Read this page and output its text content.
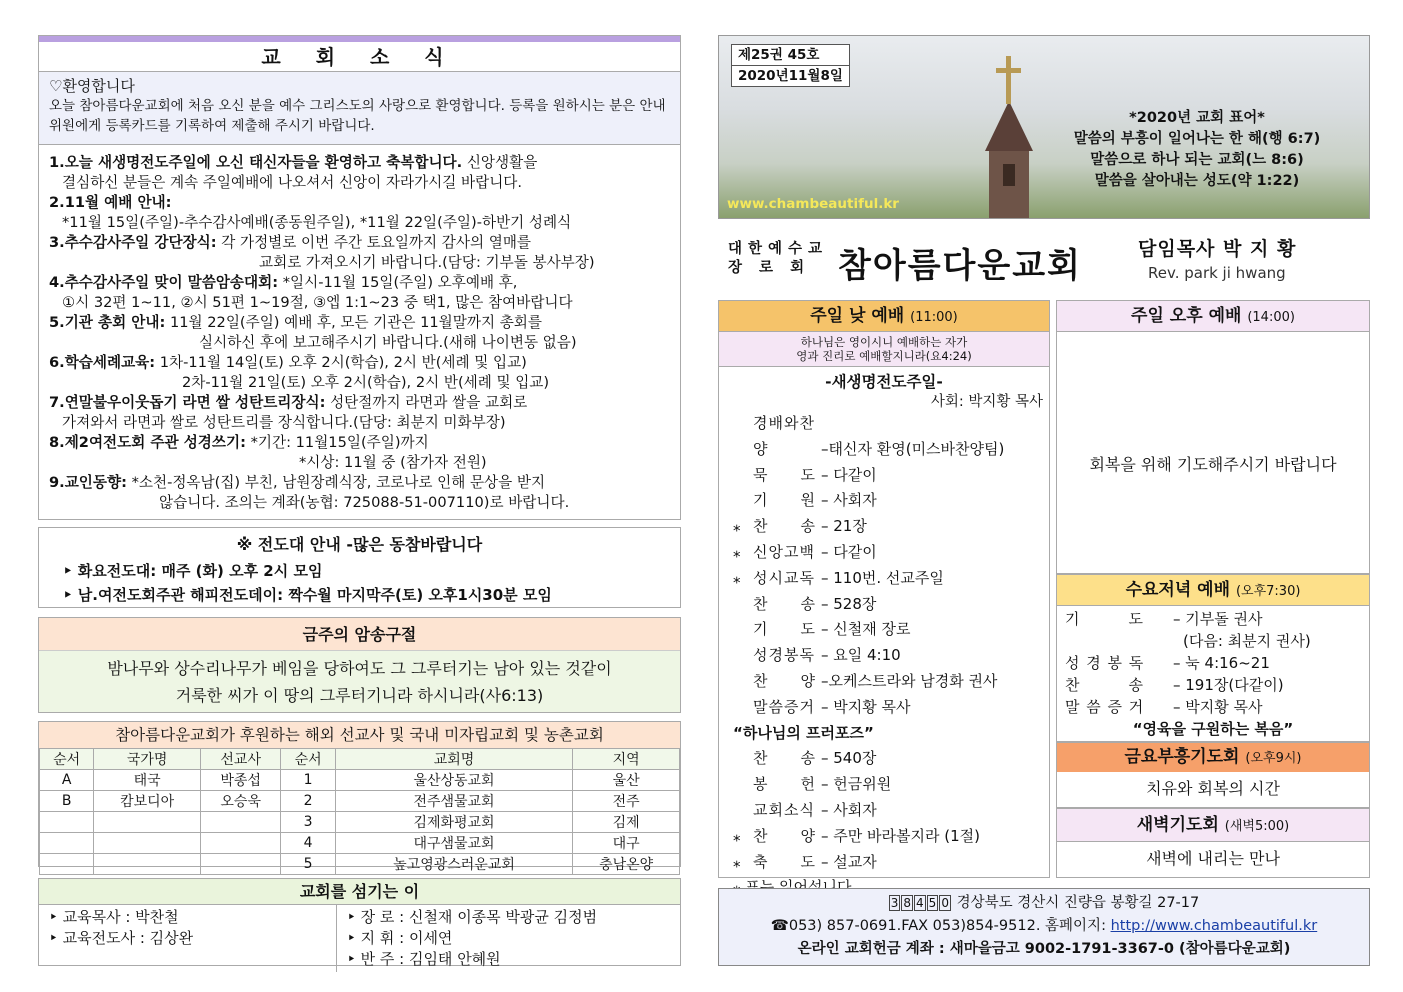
교 회 소 식
♡환영합니다
오늘 참아름다운교회에 처음 오신 분을 예수 그리스도의 사랑으로 환영합니다. 등록을 원하시는 분은 안내위원에게 등록카드를 기록하여 제출해 주시기 바랍니다.
1.오늘 새생명전도주일에 오신 태신자들을 환영하고 축복합니다. 신앙생활을
결심하신 분들은 계속 주일예배에 나오셔서 신앙이 자라가시길 바랍니다.
2.11월 예배 안내:
*11월 15일(주일)-추수감사예배(종동원주일), *11월 22일(주일)-하반기 성례식
3.추수감사주일 강단장식: 각 가정별로 이번 주간 토요일까지 감사의 열매를
교회로 가져오시기 바랍니다.(담당: 기부돌 봉사부장)
4.추수감사주일 맞이 말씀암송대회: *일시-11월 15일(주일) 오후예배 후,
①시 32편 1~11, ②시 51편 1~19절, ③엡 1:1~23 중 택1, 많은 참여바랍니다
5.기관 총회 안내: 11월 22일(주일) 예배 후, 모든 기관은 11월말까지 총회를
실시하신 후에 보고해주시기 바랍니다.(새해 나이변동 없음)
6.학습세례교육: 1차-11월 14일(토) 오후 2시(학습), 2시 반(세례 및 입교)
2차-11월 21일(토) 오후 2시(학습), 2시 반(세례 및 입교)
7.연말불우이웃돕기 라면 쌀 성탄트리장식: 성탄절까지 라면과 쌀을 교회로
가져와서 라면과 쌀로 성탄트리를 장식합니다.(담당: 최분지 미화부장)
8.제2여전도회 주관 성경쓰기: *기간: 11월15일(주일)까지
*시상: 11월 중 (참가자 전원)
9.교인동향: *소천-정옥남(집) 부친, 남원장례식장, 코로나로 인해 문상을 받지
않습니다. 조의는 계좌(농협: 725088-51-007110)로 바랍니다.
※ 전도대 안내 -많은 동참바랍니다
‣ 화요전도대: 매주 (화) 오후 2시 모임
‣ 남.여전도회주관 해피전도데이: 짝수월 마지막주(토) 오후1시30분 모임
금주의 암송구절
밤나무와 상수리나무가 베임을 당하여도 그 그루터기는 남아 있는 것같이
거룩한 씨가 이 땅의 그루터기니라 하시니라(사6:13)
참아름다운교회가 후원하는 해외 선교사 및 국내 미자립교회 및 농촌교회
순서	국가명	선교사	순서	교회명	지역
A	태국	박종섭	1	울산상동교회	울산
B	캄보디아	오승욱	2	전주샘물교회	전주
			3	김제화평교회	김제
			4	대구샘물교회	대구
			5	높고영광스러운교회	충남온양
교회를 섬기는 이
‣ 교육목사 : 박찬철
‣ 교육전도사 : 김상완
‣ 장 로 : 신철재 이종목 박광균 김정범
‣ 지 휘 : 이세연
‣ 반 주 : 김임태 안혜원
제25권 45호
2020년11월8일
*2020년 교회 표어*
말씀의 부흥이 일어나는 한 해(행 6:7)
말씀으로 하나 되는 교회(느 8:6)
말씀을 살아내는 성도(약 1:22)
www.chambeautiful.kr
대한예수교
장 로 회 참아름다운교회	담임목사 박 지 황
Rev. park ji hwang
주일 낮 예배 (11:00)
하나님은 영이시니 예배하는 자가
영과 진리로 예배할지니라(요4:24)
-새생명전도주일-
사회: 박지황 목사
경배와찬양	–태신자 환영(미스바찬양팀)
묵　　도 – 다같이
기　　원 – 사회자
⁎ 찬　　송 – 21장
⁎ 신앙고백 – 다같이
⁎ 성시교독 – 110번. 선교주일
찬　　송 – 528장
기　　도 – 신철재 장로
성경봉독 – 요일 4:10
찬　　양 –오케스트라와 남경화 권사
말씀증거 – 박지황 목사
“하나님의 프러포즈”
찬　　송 – 540장
봉　　헌 – 헌금위원
교회소식 – 사회자
⁎ 찬　　양 – 주만 바라볼지라 (1절)
⁎ 축　　도 – 설교자
주일 오후 예배 (14:00)
회복을 위해 기도해주시기 바랍니다
수요저녁 예배 (오후7:30)
기　　　도 – 기부돌 권사
(다음: 최분지 권사)
성 경 봉 독 – 눅 4:16~21
찬　　　송 – 191장(다같이)
말 씀 증 거 – 박지황 목사
“영육을 구원하는 복음”
금요부흥기도회 (오후9시)
치유와 회복의 시간
새벽기도회 (새벽5:00)
새벽에 내리는 만나
3 8 4 5 0 경상북도 경산시 진량읍 봉황길 27-17
☎053) 857-0691.FAX 053)854-9512. 홈페이지: http://www.chambeautiful.kr
온라인 교회헌금 계좌 : 새마을금고 9002-1791-3367-0 (참아름다운교회)
